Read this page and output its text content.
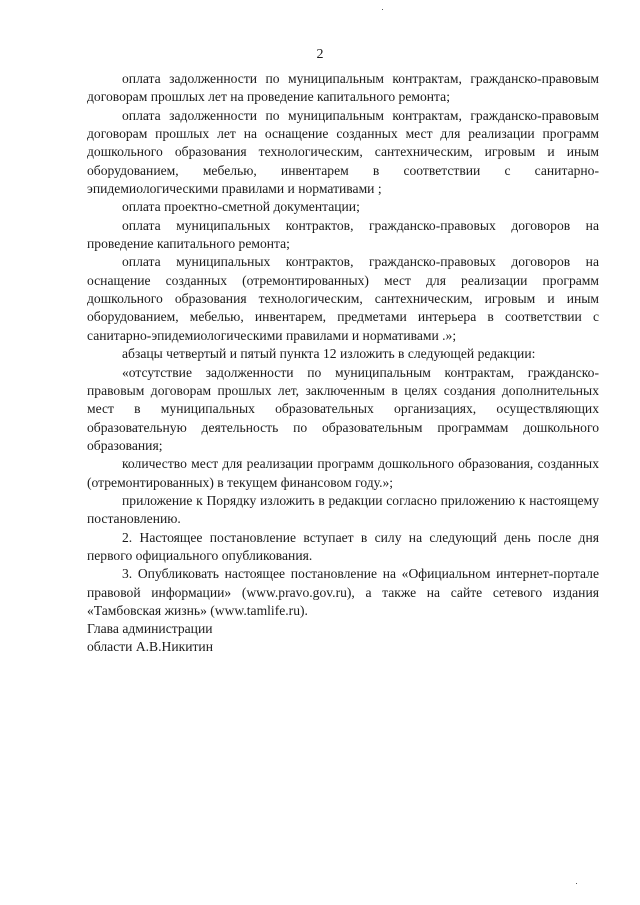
2

оплата задолженности по муниципальным контрактам, гражданско-правовым договорам прошлых лет на проведение капитального ремонта;

оплата задолженности по муниципальным контрактам, гражданско-правовым договорам прошлых лет на оснащение созданных мест для реализации программ дошкольного образования технологическим, сантехническим, игровым и иным оборудованием, мебелью, инвентарем в соответствии с санитарно-эпидемиологическими правилами и нормативами ;

оплата проектно-сметной документации;

оплата муниципальных контрактов, гражданско-правовых договоров на проведение капитального ремонта;

оплата муниципальных контрактов, гражданско-правовых договоров на оснащение созданных (отремонтированных) мест для реализации программ дошкольного образования технологическим, сантехническим, игровым и иным оборудованием, мебелью, инвентарем, предметами интерьера в соответствии с санитарно-эпидемиологическими правилами и нормативами .»;

абзацы четвертый и пятый пункта 12 изложить в следующей редакции:

«отсутствие задолженности по муниципальным контрактам, гражданско-правовым договорам прошлых лет, заключенным в целях создания дополнительных мест в муниципальных образовательных организациях, осуществляющих образовательную деятельность по образовательным программам дошкольного образования;

количество мест для реализации программ дошкольного образования, созданных (отремонтированных) в текущем финансовом году.»;

приложение к Порядку изложить в редакции согласно приложению к настоящему постановлению.

2. Настоящее постановление вступает в силу на следующий день после дня первого официального опубликования.

3. Опубликовать настоящее постановление на «Официальном интернет-портале правовой информации» (www.pravo.gov.ru), а также на сайте сетевого издания «Тамбовская жизнь» (www.tamlife.ru).

Глава администрации
области А.В.Никитин
